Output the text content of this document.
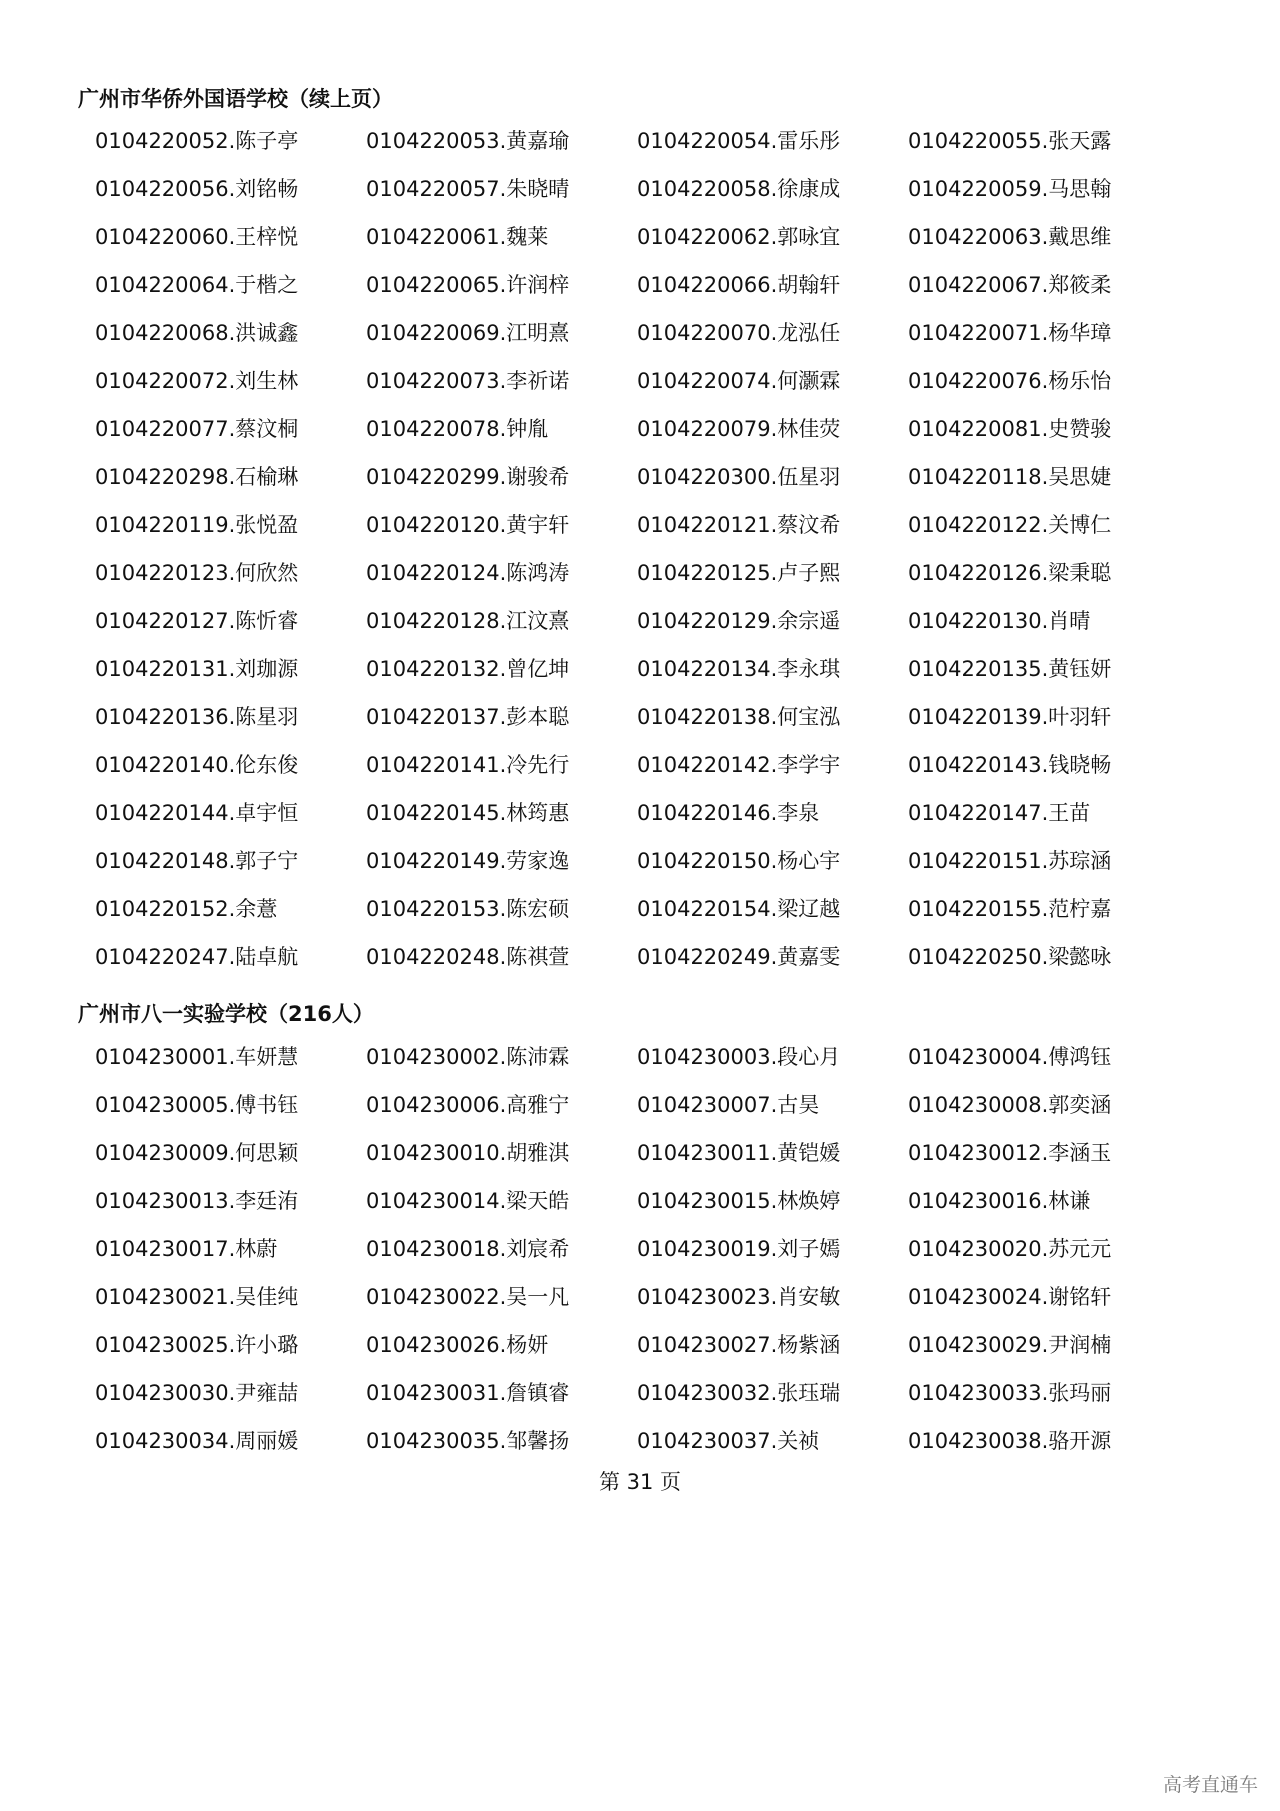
广州市华侨外国语学校（续上页）
0104220052.陈子亭	0104220053.黄嘉瑜	0104220054.雷乐彤	0104220055.张天露
0104220056.刘铭畅	0104220057.朱晓晴	0104220058.徐康成	0104220059.马思翰
0104220060.王梓悦	0104220061.魏莱	0104220062.郭咏宜	0104220063.戴思维
0104220064.于楷之	0104220065.许润梓	0104220066.胡翰轩	0104220067.郑筱柔
0104220068.洪诚鑫	0104220069.江明熹	0104220070.龙泓任	0104220071.杨华璋
0104220072.刘生林	0104220073.李祈诺	0104220074.何灏霖	0104220076.杨乐怡
0104220077.蔡汶桐	0104220078.钟胤	0104220079.林佳荧	0104220081.史赞骏
0104220298.石榆琳	0104220299.谢骏希	0104220300.伍星羽	0104220118.吴思婕
0104220119.张悦盈	0104220120.黄宇轩	0104220121.蔡汶希	0104220122.关博仁
0104220123.何欣然	0104220124.陈鸿涛	0104220125.卢子熙	0104220126.梁秉聪
0104220127.陈忻睿	0104220128.江汶熹	0104220129.余宗遥	0104220130.肖晴
0104220131.刘珈源	0104220132.曾亿坤	0104220134.李永琪	0104220135.黄钰妍
0104220136.陈星羽	0104220137.彭本聪	0104220138.何宝泓	0104220139.叶羽轩
0104220140.伦东俊	0104220141.冷先行	0104220142.李学宇	0104220143.钱晓畅
0104220144.卓宇恒	0104220145.林筠惠	0104220146.李泉	0104220147.王苗
0104220148.郭子宁	0104220149.劳家逸	0104220150.杨心宇	0104220151.苏琮涵
0104220152.余薏	0104220153.陈宏硕	0104220154.梁辽越	0104220155.范柠嘉
0104220247.陆卓航	0104220248.陈祺萱	0104220249.黄嘉雯	0104220250.梁懿咏
广州市八一实验学校（216人）
0104230001.车妍慧	0104230002.陈沛霖	0104230003.段心月	0104230004.傅鸿钰
0104230005.傅书钰	0104230006.高雅宁	0104230007.古昊	0104230008.郭奕涵
0104230009.何思颖	0104230010.胡雅淇	0104230011.黄铠媛	0104230012.李涵玉
0104230013.李廷洧	0104230014.梁天皓	0104230015.林焕婷	0104230016.林谦
0104230017.林蔚	0104230018.刘宸希	0104230019.刘子嫣	0104230020.苏元元
0104230021.吴佳纯	0104230022.吴一凡	0104230023.肖安敏	0104230024.谢铭轩
0104230025.许小璐	0104230026.杨妍	0104230027.杨紫涵	0104230029.尹润楠
0104230030.尹雍喆	0104230031.詹镇睿	0104230032.张珏瑞	0104230033.张玛丽
0104230034.周丽媛	0104230035.邹馨扬	0104230037.关祯	0104230038.骆开源
第 31 页
高考直通车
